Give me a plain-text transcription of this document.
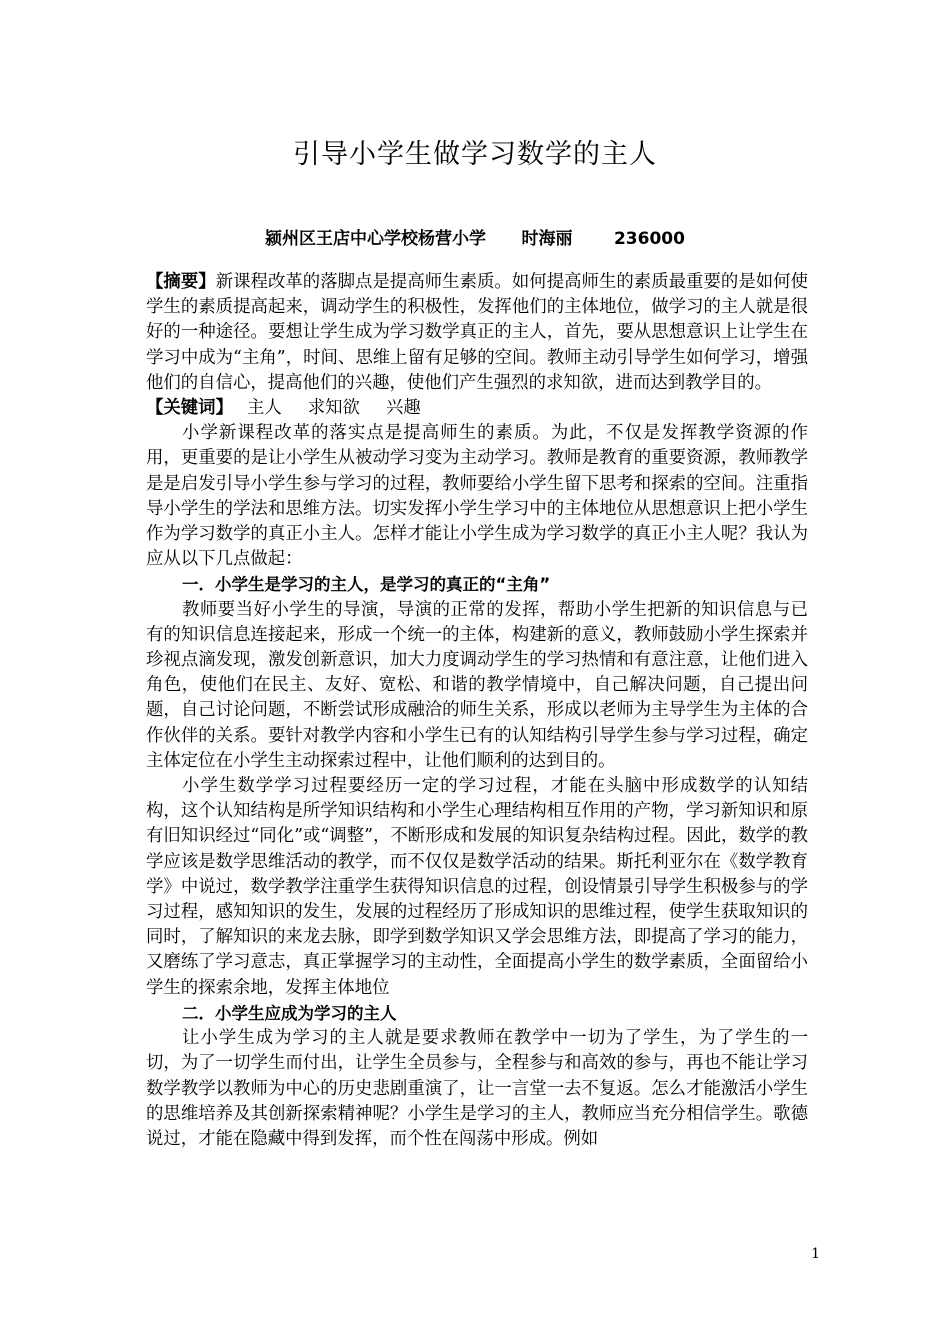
引导小学生做学习数学的主人
颍州区王店中心学校杨营小学      时海丽       236000

【摘要】新课程改革的落脚点是提高师生素质。如何提高师生的素质最重要的是如何使学生的素质提高起来，调动学生的积极性，发挥他们的主体地位，做学习的主人就是很好的一种途径。要想让学生成为学习数学真正的主人，首先，要从思想意识上让学生在学习中成为“主角”，时间、思维上留有足够的空间。教师主动引导学生如何学习，增强他们的自信心，提高他们的兴趣，使他们产生强烈的求知欲，进而达到教学目的。

【关键词】 主人 求知欲 兴趣

小学新课程改革的落实点是提高师生的素质。为此，不仅是发挥教学资源的作用，更重要的是让小学生从被动学习变为主动学习。教师是教育的重要资源，教师教学是是启发引导小学生参与学习的过程，教师要给小学生留下思考和探索的空间。注重指导小学生的学法和思维方法。切实发挥小学生学习中的主体地位从思想意识上把小学生作为学习数学的真正小主人。怎样才能让小学生成为学习数学的真正小主人呢？我认为应从以下几点做起：

一．小学生是学习的主人，是学习的真正的“主角”

教师要当好小学生的导演，导演的正常的发挥，帮助小学生把新的知识信息与已有的知识信息连接起来，形成一个统一的主体，构建新的意义，教师鼓励小学生探索并珍视点滴发现，激发创新意识，加大力度调动学生的学习热情和有意注意，让他们进入角色，使他们在民主、友好、宽松、和谐的教学情境中，自己解决问题，自己提出问题，自己讨论问题，不断尝试形成融洽的师生关系，形成以老师为主导学生为主体的合作伙伴的关系。要针对教学内容和小学生已有的认知结构引导学生参与学习过程，确定主体定位在小学生主动探索过程中，让他们顺利的达到目的。

小学生数学学习过程要经历一定的学习过程，才能在头脑中形成数学的认知结构，这个认知结构是所学知识结构和小学生心理结构相互作用的产物，学习新知识和原有旧知识经过“同化”或“调整”，不断形成和发展的知识复杂结构过程。因此，数学的教学应该是数学思维活动的教学，而不仅仅是数学活动的结果。斯托利亚尔在《数学教育学》中说过，数学教学注重学生获得知识信息的过程，创设情景引导学生积极参与的学习过程，感知知识的发生，发展的过程经历了形成知识的思维过程，使学生获取知识的同时，了解知识的来龙去脉，即学到数学知识又学会思维方法，即提高了学习的能力，又磨练了学习意志，真正掌握学习的主动性，全面提高小学生的数学素质，全面留给小学生的探索余地，发挥主体地位

二．小学生应成为学习的主人

让小学生成为学习的主人就是要求教师在教学中一切为了学生，为了学生的一切，为了一切学生而付出，让学生全员参与，全程参与和高效的参与，再也不能让学习数学教学以教师为中心的历史悲剧重演了，让一言堂一去不复返。怎么才能激活小学生的思维培养及其创新探索精神呢？小学生是学习的主人，教师应当充分相信学生。歌德说过，才能在隐藏中得到发挥，而个性在闯荡中形成。例如

1
